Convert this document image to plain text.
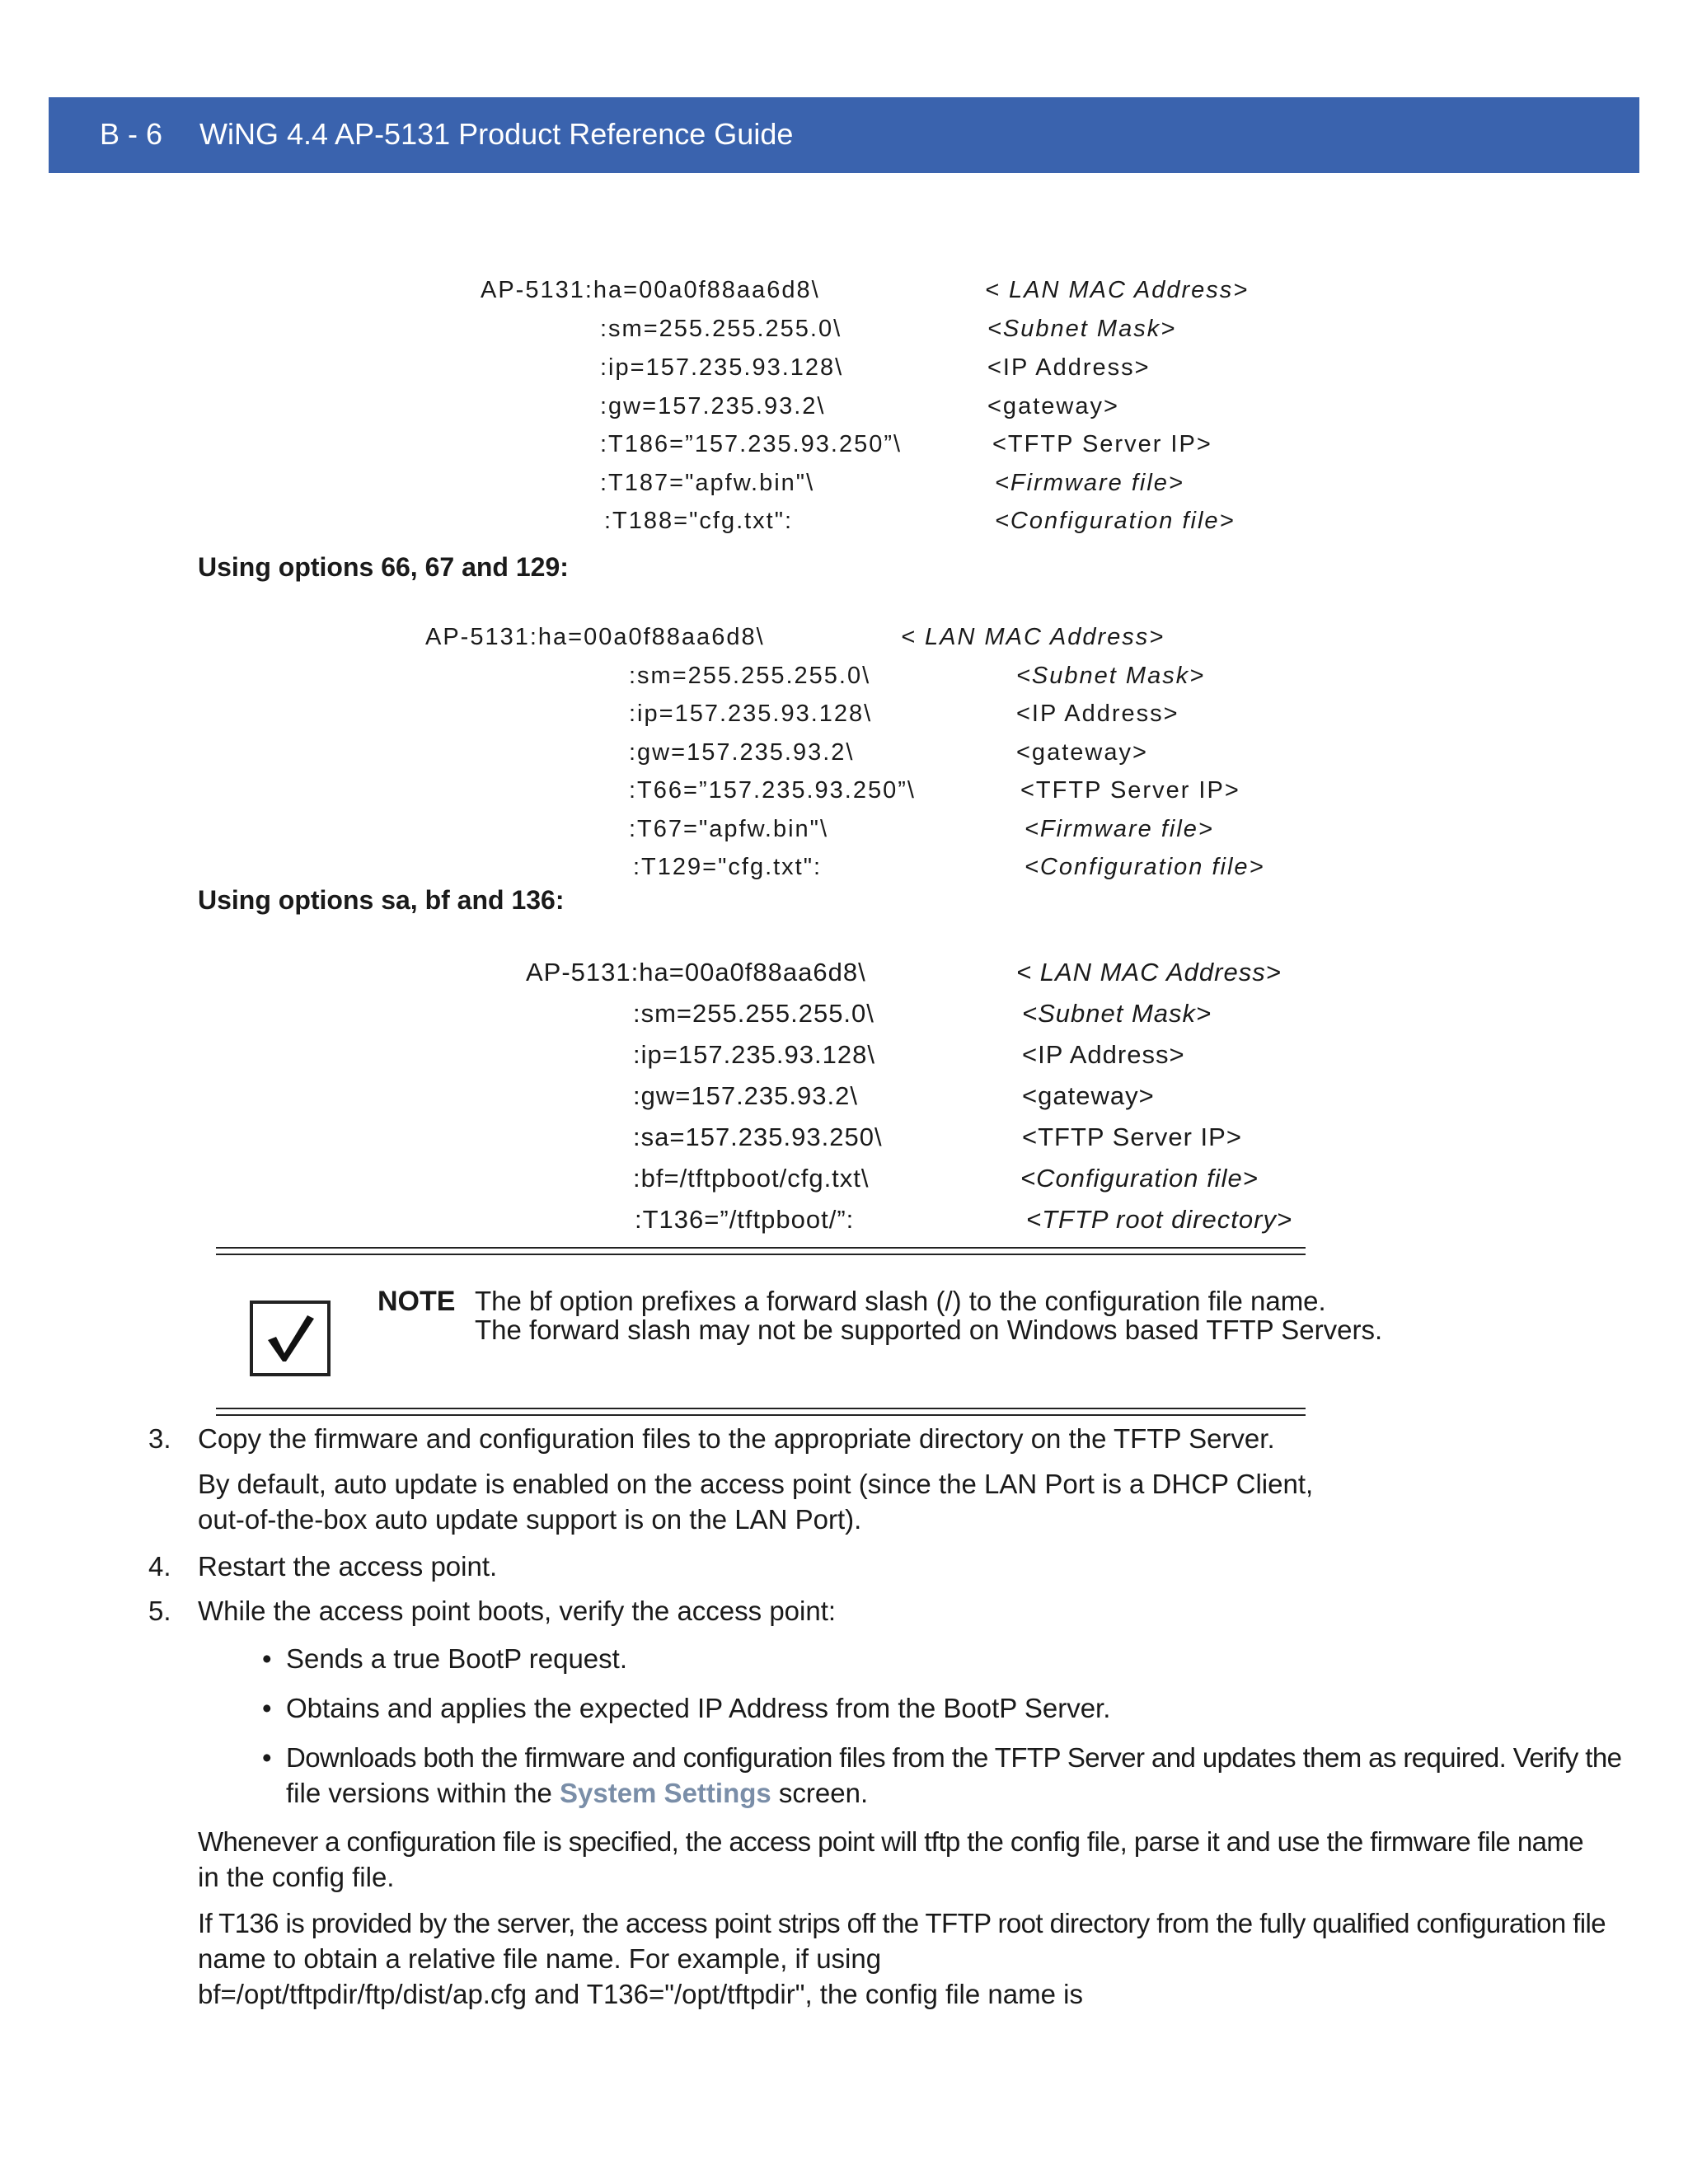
B - 6 WiNG 4.4 AP-5131 Product Reference Guide
AP-5131:ha=00a0f88aa6d8\	< LAN MAC Address>
:sm=255.255.255.0\	<Subnet Mask>
:ip=157.235.93.128\	<IP Address>
:gw=157.235.93.2\	<gateway>
:T186=”157.235.93.250”\	<TFTP Server IP>
:T187="apfw.bin"\	<Firmware file>
:T188="cfg.txt":	<Configuration file>
Using options 66, 67 and 129:
AP-5131:ha=00a0f88aa6d8\	< LAN MAC Address>
:sm=255.255.255.0\	<Subnet Mask>
:ip=157.235.93.128\	<IP Address>
:gw=157.235.93.2\	<gateway>
:T66=”157.235.93.250”\	<TFTP Server IP>
:T67="apfw.bin"\	<Firmware file>
:T129="cfg.txt":	<Configuration file>
Using options sa, bf and 136:
AP-5131:ha=00a0f88aa6d8\	< LAN MAC Address>
:sm=255.255.255.0\	<Subnet Mask>
:ip=157.235.93.128\	<IP Address>
:gw=157.235.93.2\	<gateway>
:sa=157.235.93.250\	<TFTP Server IP>
:bf=/tftpboot/cfg.txt\	<Configuration file>
:T136=”/tftpboot/”:	<TFTP root directory>
NOTE The bf option prefixes a forward slash (/) to the configuration file name.
The forward slash may not be supported on Windows based TFTP Servers.
3. Copy the firmware and configuration files to the appropriate directory on the TFTP Server.
By default, auto update is enabled on the access point (since the LAN Port is a DHCP Client,
out-of-the-box auto update support is on the LAN Port).
4. Restart the access point.
5. While the access point boots, verify the access point:
• Sends a true BootP request.
• Obtains and applies the expected IP Address from the BootP Server.
• Downloads both the firmware and configuration files from the TFTP Server and updates them as required. Verify the
file versions within the System Settings screen.
Whenever a configuration file is specified, the access point will tftp the config file, parse it and use the firmware file name
in the config file.
If T136 is provided by the server, the access point strips off the TFTP root directory from the fully qualified configuration file
name to obtain a relative file name. For example, if using
bf=/opt/tftpdir/ftp/dist/ap.cfg and T136="/opt/tftpdir", the config file name is
